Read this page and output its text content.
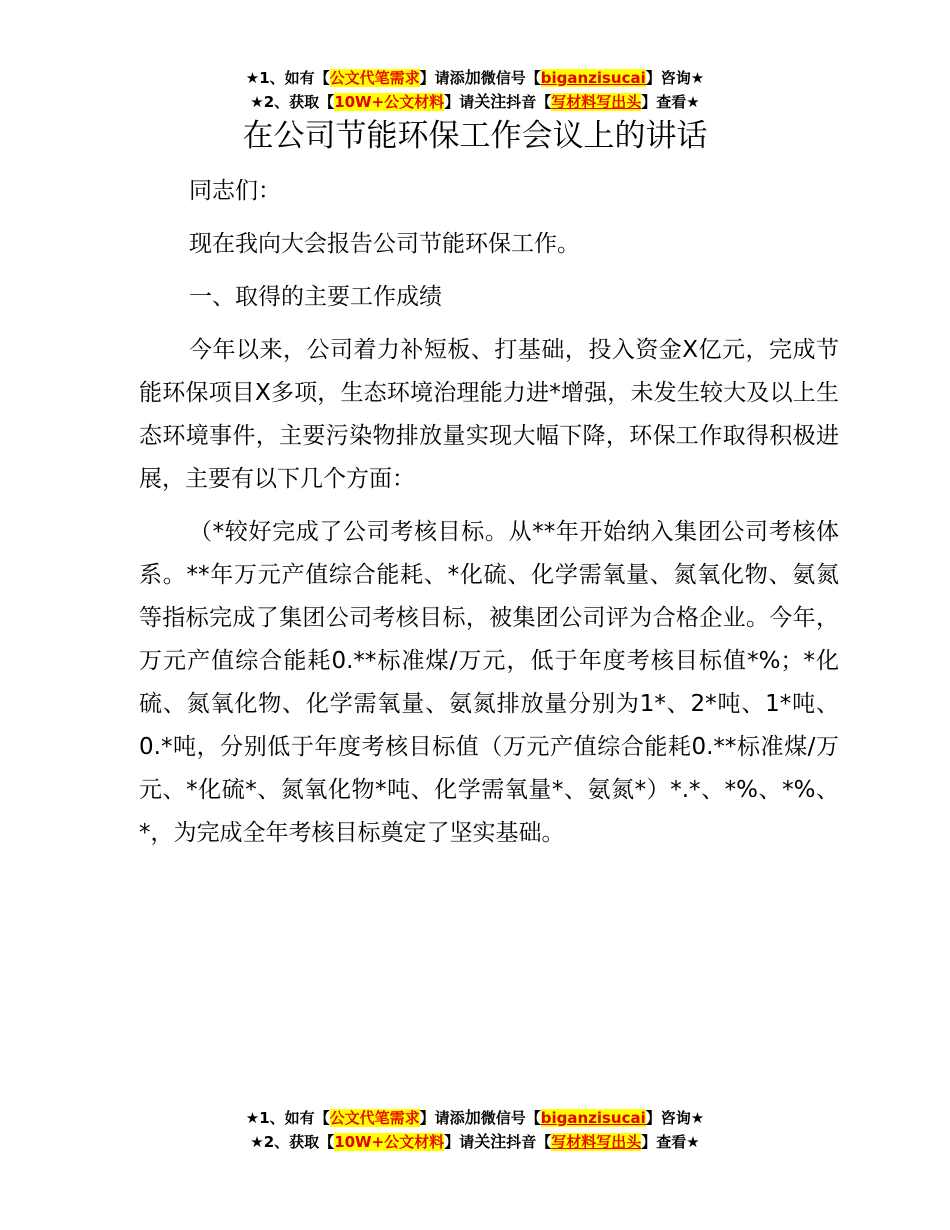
★1、如有【公文代笔需求】请添加微信号【biganzisucai】咨询★
★2、获取【10W+公文材料】请关注抖音【写材料写出头】查看★
在公司节能环保工作会议上的讲话

同志们：

现在我向大会报告公司节能环保工作。

一、取得的主要工作成绩

今年以来，公司着力补短板、打基础，投入资金X亿元，完成节能环保项目X多项，生态环境治理能力进*增强，未发生较大及以上生态环境事件，主要污染物排放量实现大幅下降，环保工作取得积极进展，主要有以下几个方面：

（*较好完成了公司考核目标。从**年开始纳入集团公司考核体系。**年万元产值综合能耗、*化硫、化学需氧量、氮氧化物、氨氮等指标完成了集团公司考核目标，被集团公司评为合格企业。今年，万元产值综合能耗0.**标准煤/万元，低于年度考核目标值*%；*化硫、氮氧化物、化学需氧量、氨氮排放量分别为1*、2*吨、1*吨、0.*吨，分别低于年度考核目标值（万元产值综合能耗0.**标准煤/万元、*化硫*、氮氧化物*吨、化学需氧量*、氨氮*）*.*、*%、*%、*，为完成全年考核目标奠定了坚实基础。

★1、如有【公文代笔需求】请添加微信号【biganzisucai】咨询★
★2、获取【10W+公文材料】请关注抖音【写材料写出头】查看★
